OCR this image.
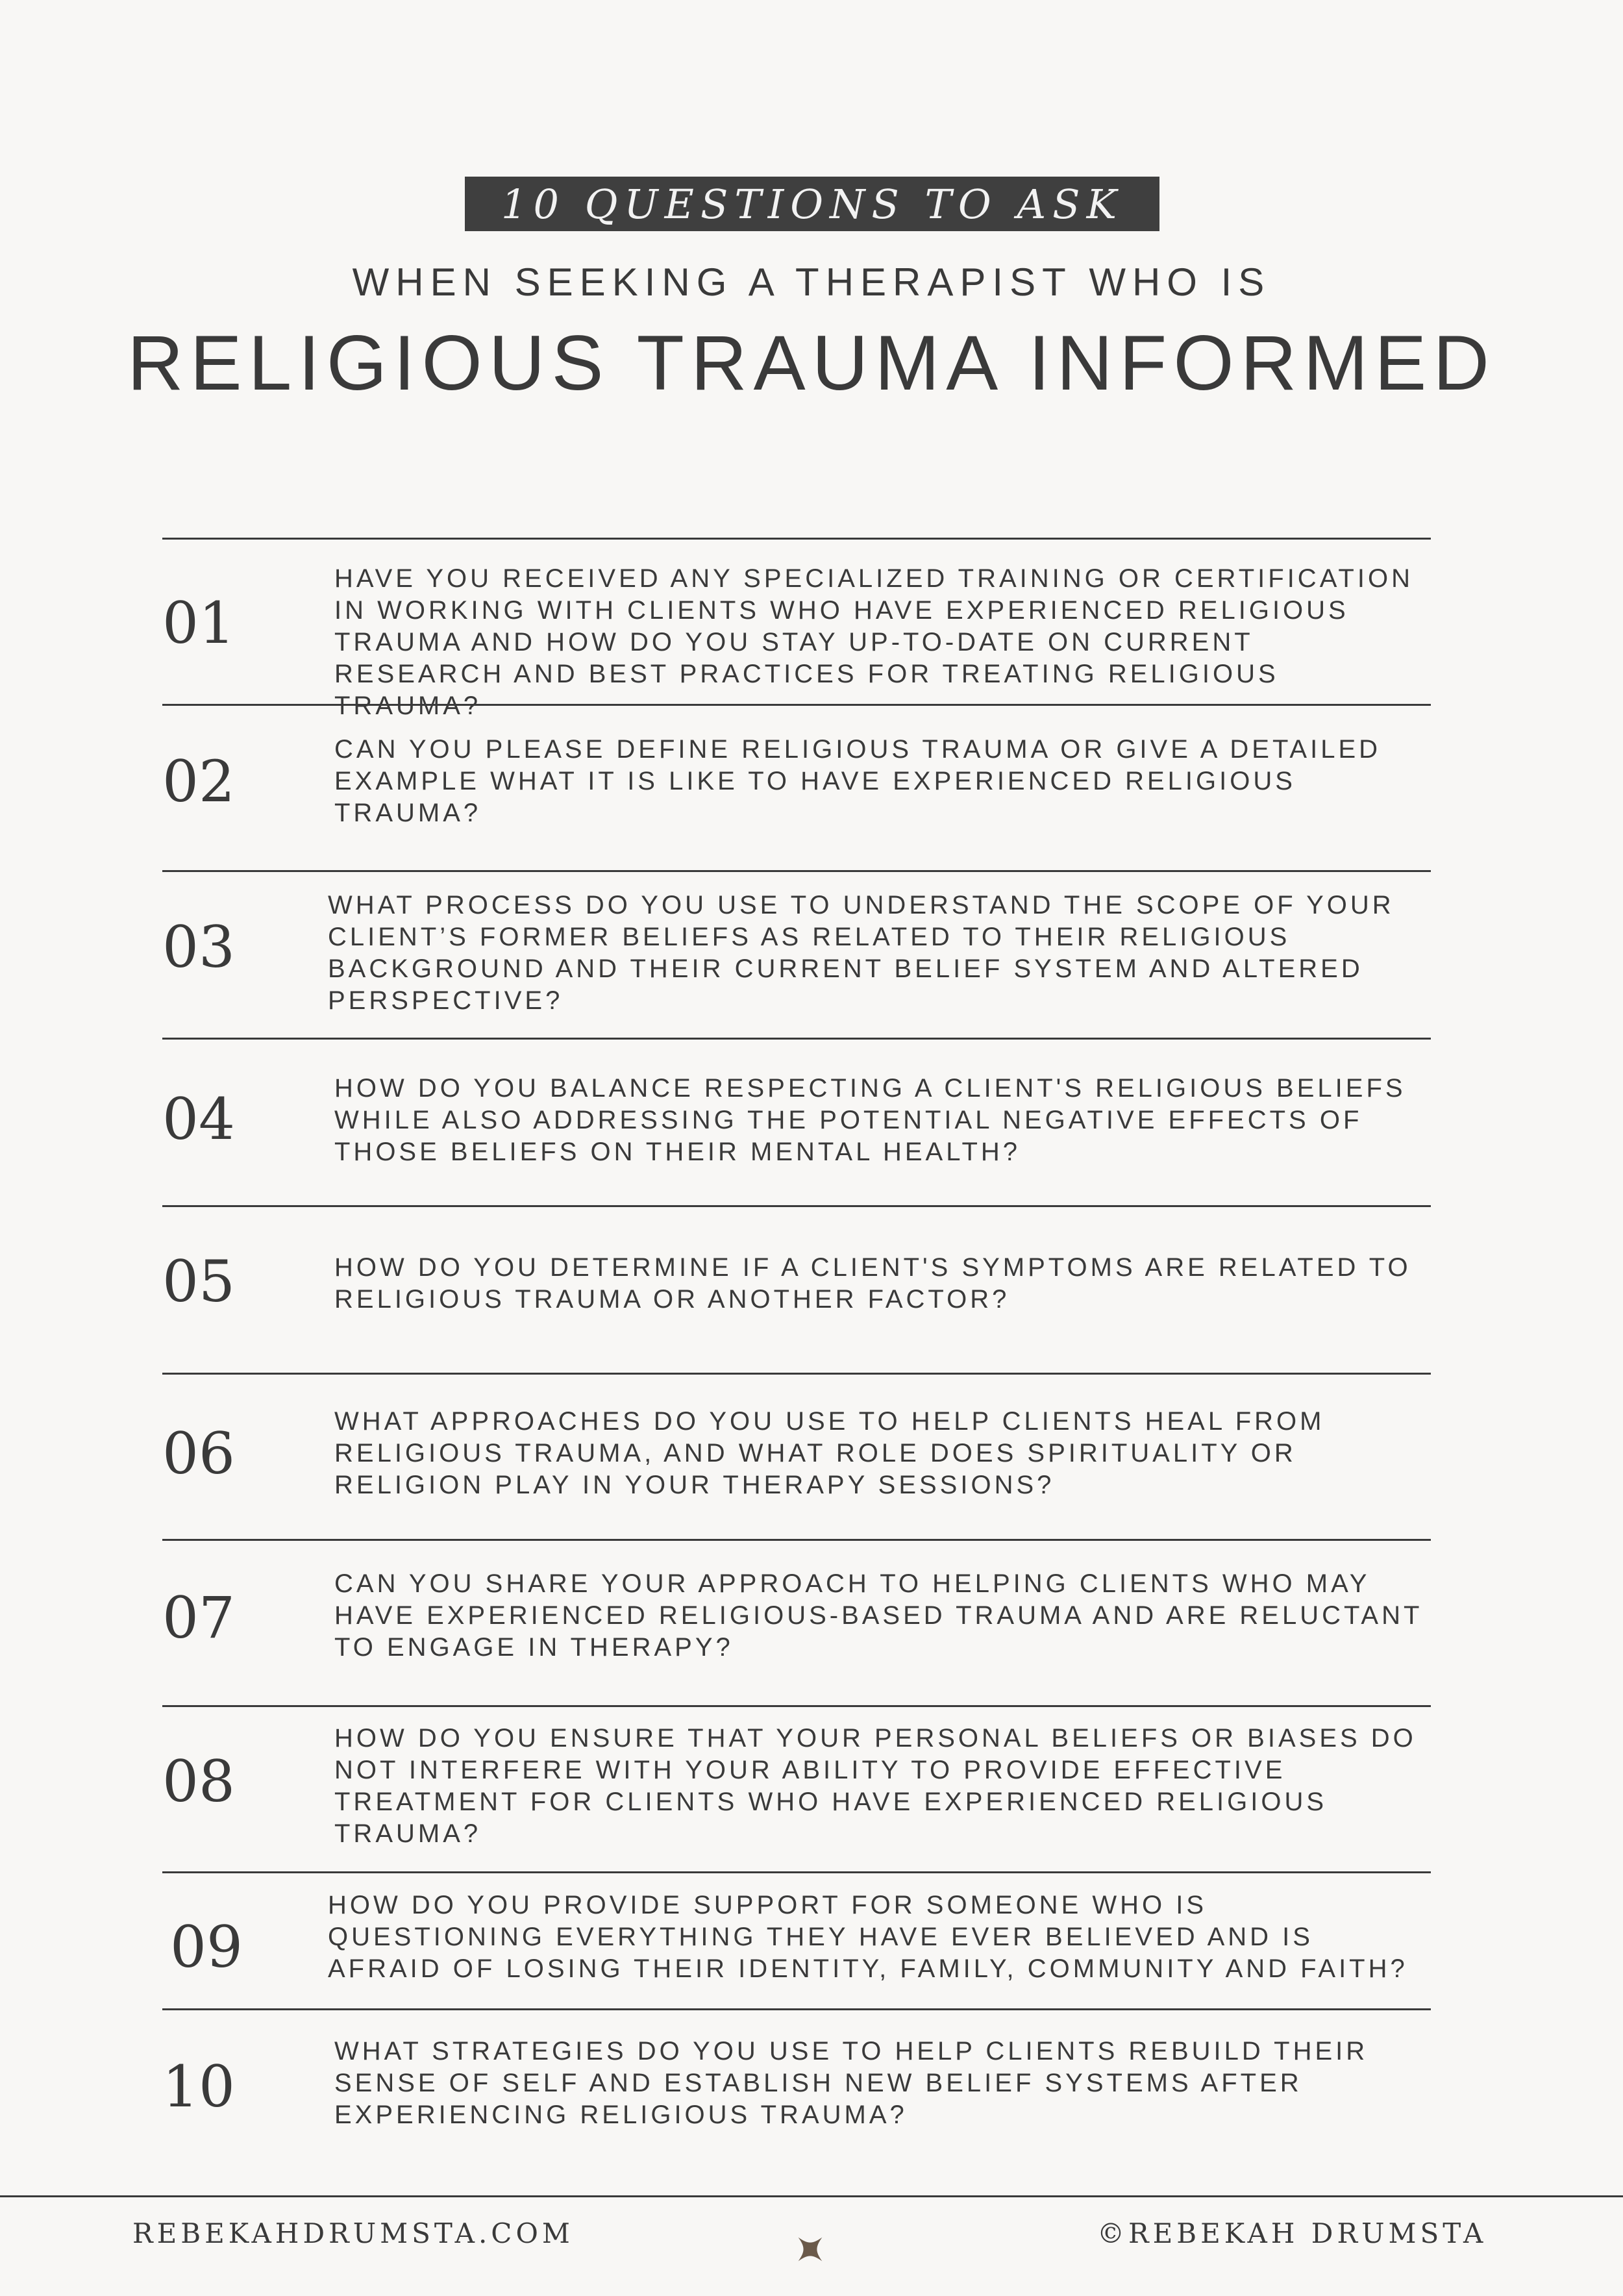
10 QUESTIONS TO ASK
WHEN SEEKING A THERAPIST WHO IS
RELIGIOUS TRAUMA INFORMED
01
HAVE YOU RECEIVED ANY SPECIALIZED TRAINING OR CERTIFICATION IN WORKING WITH CLIENTS WHO HAVE EXPERIENCED RELIGIOUS TRAUMA AND HOW DO YOU STAY UP-TO-DATE ON CURRENT RESEARCH AND BEST PRACTICES FOR TREATING RELIGIOUS TRAUMA?
02	CAN YOU PLEASE DEFINE RELIGIOUS TRAUMA OR GIVE A DETAILED EXAMPLE WHAT IT IS LIKE TO HAVE EXPERIENCED RELIGIOUS TRAUMA?
03
WHAT PROCESS DO YOU USE TO UNDERSTAND THE SCOPE OF YOUR CLIENT’S FORMER BELIEFS AS RELATED TO THEIR RELIGIOUS BACKGROUND AND THEIR CURRENT BELIEF SYSTEM AND ALTERED PERSPECTIVE?
04	HOW DO YOU BALANCE RESPECTING A CLIENT'S RELIGIOUS BELIEFS WHILE ALSO ADDRESSING THE POTENTIAL NEGATIVE EFFECTS OF THOSE BELIEFS ON THEIR MENTAL HEALTH?
05	HOW DO YOU DETERMINE IF A CLIENT'S SYMPTOMS ARE RELATED TO RELIGIOUS TRAUMA OR ANOTHER FACTOR?
06	WHAT APPROACHES DO YOU USE TO HELP CLIENTS HEAL FROM RELIGIOUS TRAUMA, AND WHAT ROLE DOES SPIRITUALITY OR RELIGION PLAY IN YOUR THERAPY SESSIONS?
07
CAN YOU SHARE YOUR APPROACH TO HELPING CLIENTS WHO MAY HAVE EXPERIENCED RELIGIOUS-BASED TRAUMA AND ARE RELUCTANT TO ENGAGE IN THERAPY?
08
HOW DO YOU ENSURE THAT YOUR PERSONAL BELIEFS OR BIASES DO NOT INTERFERE WITH YOUR ABILITY TO PROVIDE EFFECTIVE TREATMENT FOR CLIENTS WHO HAVE EXPERIENCED RELIGIOUS TRAUMA?
09
HOW DO YOU PROVIDE SUPPORT FOR SOMEONE WHO IS QUESTIONING EVERYTHING THEY HAVE EVER BELIEVED AND IS AFRAID OF LOSING THEIR IDENTITY, FAMILY, COMMUNITY AND FAITH?
10
WHAT STRATEGIES DO YOU USE TO HELP CLIENTS REBUILD THEIR SENSE OF SELF AND ESTABLISH NEW BELIEF SYSTEMS AFTER EXPERIENCING RELIGIOUS TRAUMA?
REBEKAHDRUMSTA.COM	©REBEKAH DRUMSTA
